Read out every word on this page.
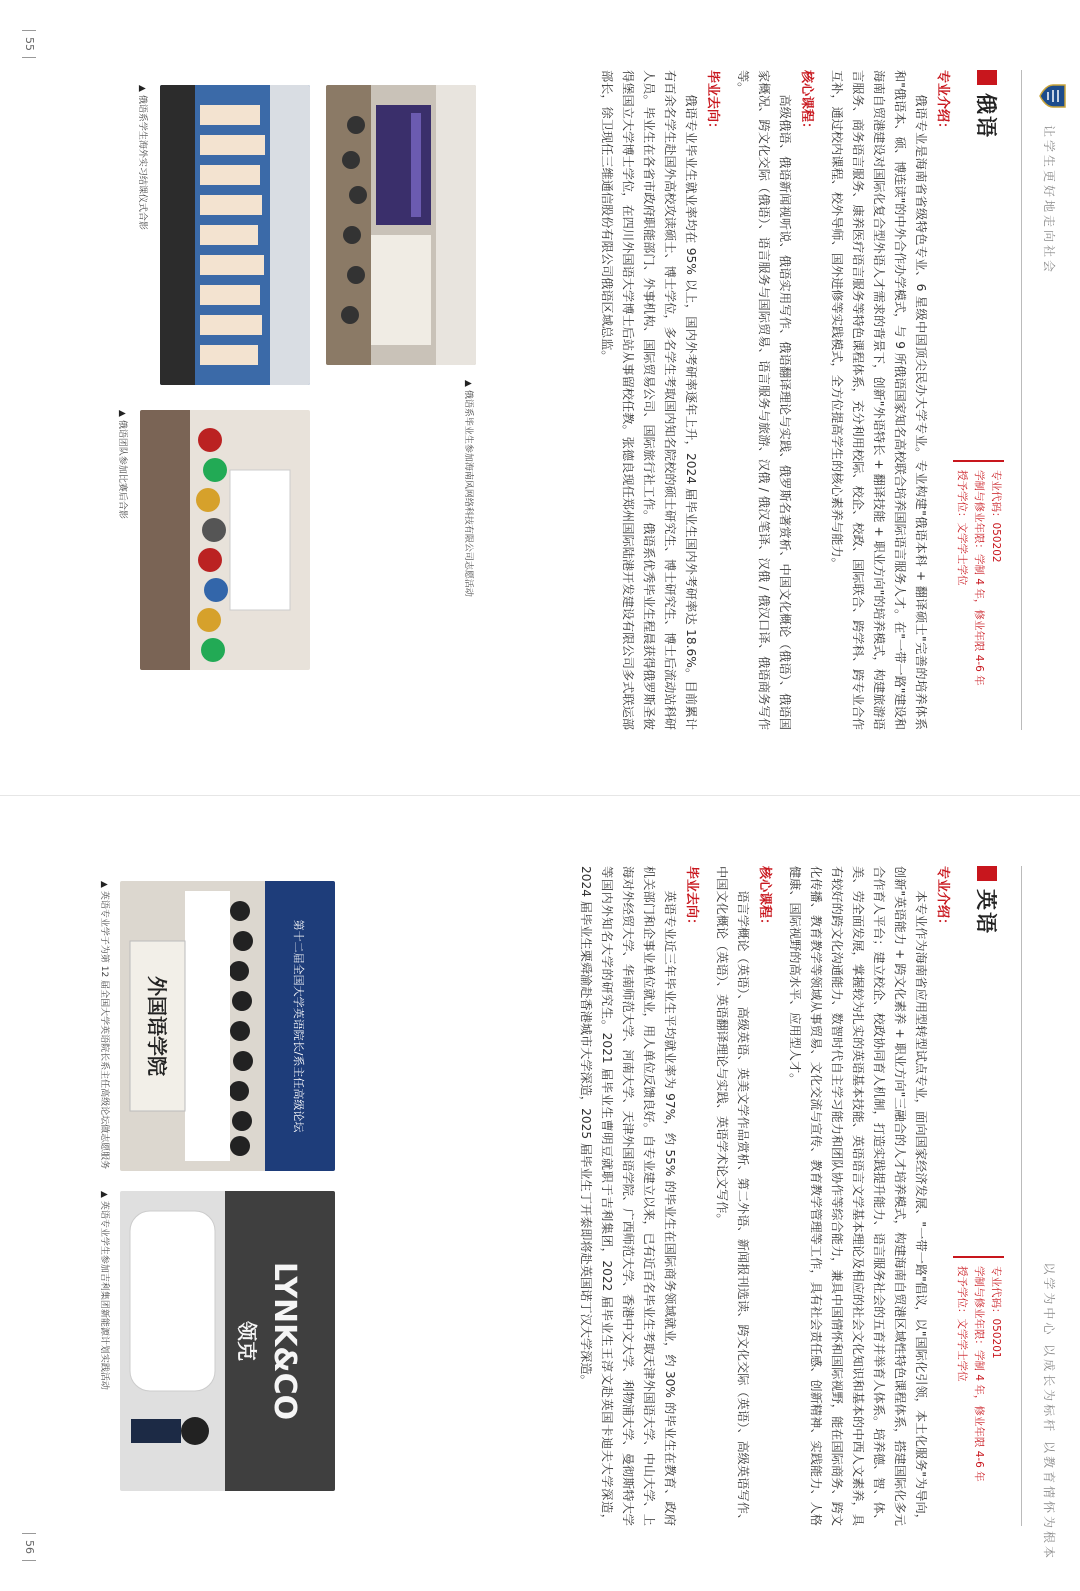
让学生更好地走向社会
俄语
专业代码：050202
学制与修业年限：学制 4 年，修业年限 4-6 年
授予学位：文学学士学位
专业介绍：

俄语专业是海南省省级特色专业、6 星级中国顶尖民办大学专业。专业构建"俄语本科 + 翻译硕士"完善的培养体系和"俄语本、硕、博连读"的中外合作办学模式，与 9 所俄语国家知名高校联合培养国际语言服务人才。在"一带一路"建设和海南自贸港建设对国际化复合型外语人才需求的背景下，创新"外语特长 + 翻译技能 + 职业方向"的培养模式，构建旅游语言服务、商务语言服务、康养医疗语言服务等特色课程体系，充分利用校际、校企、校政、国际联合、跨学科、跨专业合作互补，通过校内课程、校外导师、国外进修等实践模式，全方位提高学生的核心素养与能力。

核心课程：

高级俄语、俄语新闻视听说、俄语实用写作、俄语翻译理论与实践、俄罗斯名著赏析、中国文化概论（俄语）、俄语国家概况、跨文化交际（俄语）、语言服务与国际贸易、语言服务与旅游、汉俄 / 俄汉笔译、汉俄 / 俄汉口译、俄语商务写作等。

毕业去向：

俄语专业毕业生就业率均在 95% 以上，国内外考研率逐年上升，2024 届毕业生国内外考研率达 18.6%。目前累计有百余名学生赴国外高校攻读硕士、博士学位，多名学生考取国内知名院校的硕士研究生、博士研究生、博士后流动站科研人员。毕业生在各省市政府职能部门、外事机构、国际贸易公司、国际旅行社工作。俄语系优秀毕业生程晨获得俄罗斯圣彼得堡国立大学博士学位，在四川外国语大学博士后站从事留校任教。张德良现任郑州国际陆港开发建设有限公司多式联运部部长，徐卫现任三维通信股份有限公司俄语区域总监。

▲俄语系毕业生参加海南风网络科技有限公司志愿活动
▲俄语系学生海外实习结课仪式合影
▲俄语团队参加比赛后合影
55
以学为中心 以成长为标杆 以教育情怀为根本
英语
专业代码：050201
学制与修业年限：学制 4 年，修业年限 4-6 年
授予学位：文学学士学位
专业介绍：

本专业作为海南省应用型转型试点专业，面向国家经济发展、"一带一路"倡议，以"国际化引领，本土化服务"为导向，创新"英语能力 + 跨文化素养 + 职业方向"三融合的人才培养模式，构建海南自贸港区域性特色课程体系，搭建国际化多元合作育人平台；建立校企、校政协同育人机制，打造实践提升能力、语言服务社会的五育并举育人体系。培养德、智、体、美、劳全面发展，掌握较为扎实的英语基本技能、英语语言文学基本理论及相应的社会文化知识和基本的中西人文素养，具有较好的跨文化沟通能力、数智时代自主学习能力和团队协作等综合能力，兼具中国情怀和国际视野，能在国际商务、跨文化传播、教育教学等领域从事贸易、文化交流与宣传、教育教学管理等工作，具有社会责任感、创新精神、实践能力、人格健康、国际视野的高水平、应用型人才。

核心课程：

语言学概论（英语）、高级英语、英美文学作品赏析、第二外语、新闻报刊选读、跨文化交际（英语）、高级英语写作、中国文化概论（英语）、英语翻译理论与实践、英语学术论文写作。

毕业去向：

英语专业近三年毕业生平均就业率为 97%，约 55% 的毕业生在国际商务领域就业，约 30% 的毕业生在教育、政府机关部门和企事业单位就业，用人单位反馈良好。自专业建立以来，已有近百名毕业生考取天津外国语大学、中山大学、上海对外经贸大学、华南师范大学、河南大学、天津外国语学院、广西师范大学、香港中文大学、利物浦大学、曼彻斯特大学等国内外知名大学的研究生。2021 届毕业生曹明豆就职于吉利集团，2022 届毕业生王淳文赴英国卡迪夫大学深造，2024 届毕业生栗舜渝赴香港城市大学深造，2025 届毕业生丁开泰即将赴英国诺丁汉大学深造。

第十二届全国大学英语院长/系主任高级论坛
外国语学院
▲英语专业学子为第 12 届全国大学英语院长系主任高级论坛做志愿服务
LYNK&CO
领克
▲英语专业学生参加吉利集团新能源计划实践活动
56
